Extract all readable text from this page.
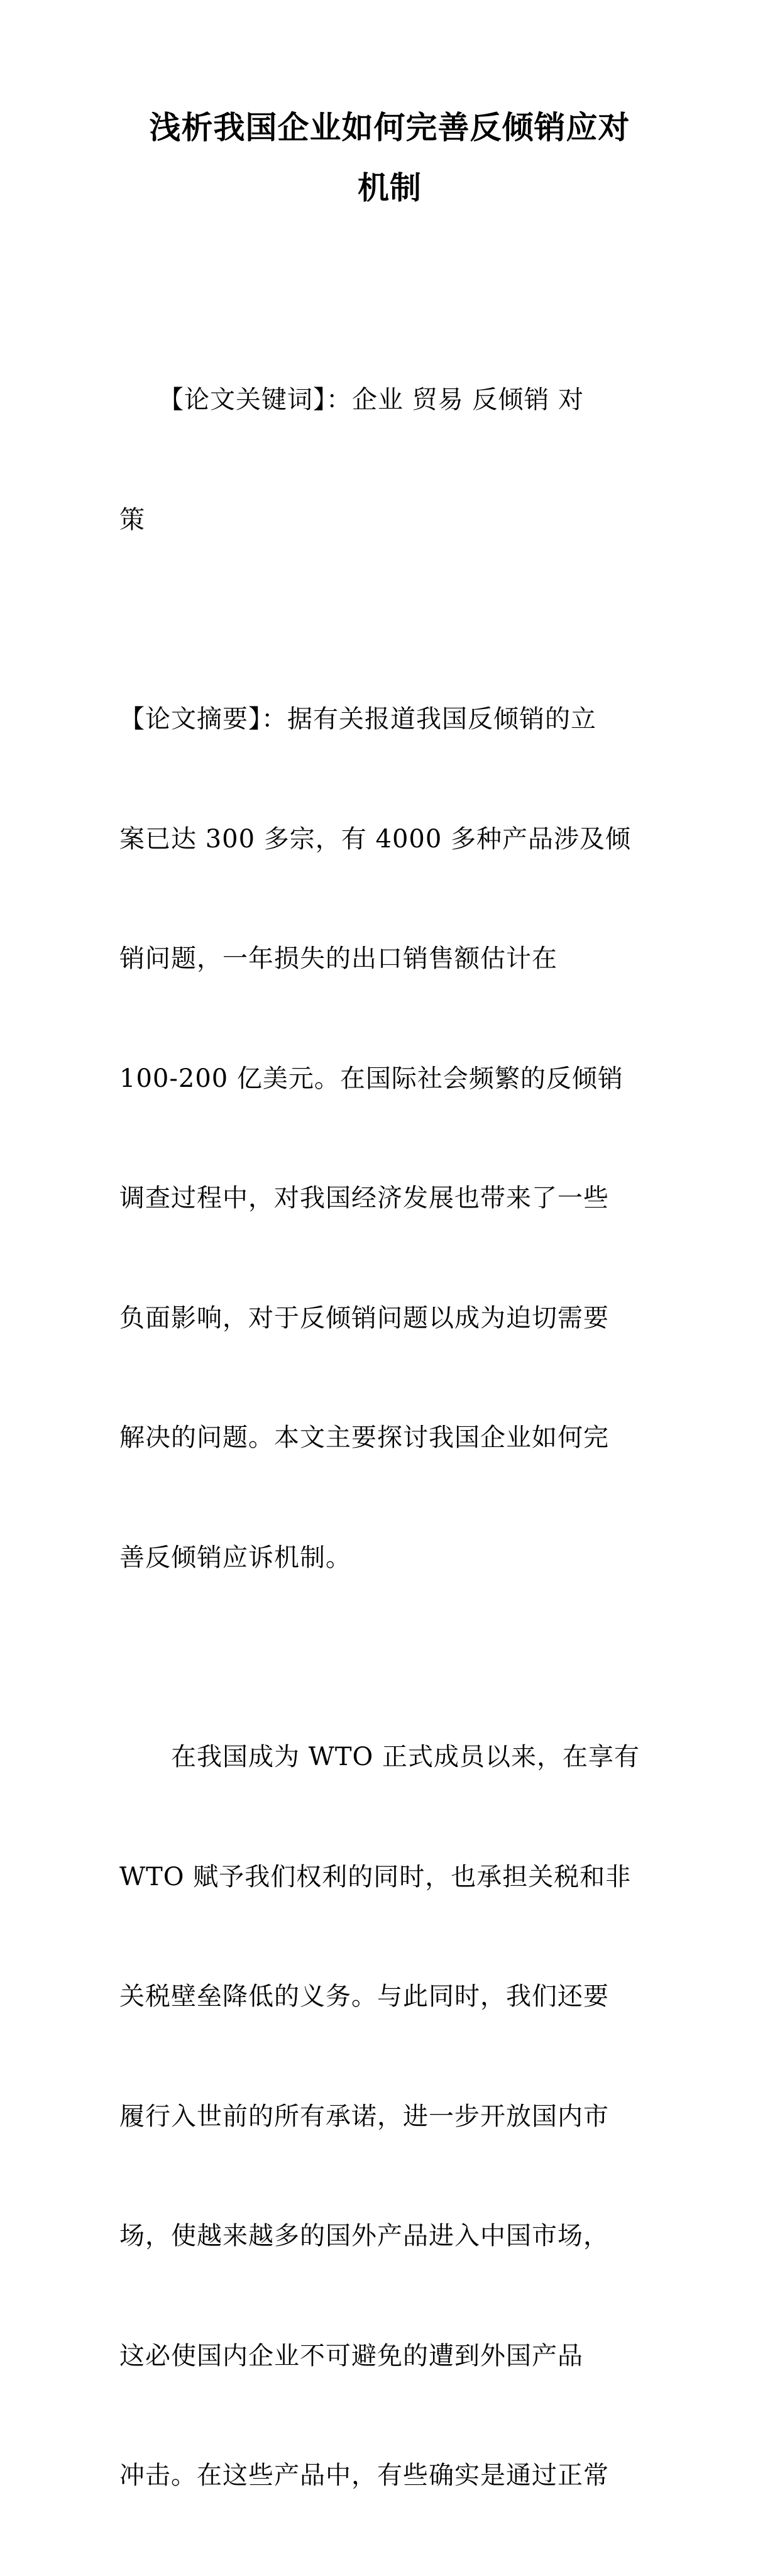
浅析我国企业如何完善反倾销应对
机制

　　【论文关键词】：企业 贸易 反倾销 对

策

【论文摘要】：据有关报道我国反倾销的立

案已达 300 多宗，有 4000 多种产品涉及倾

销问题，一年损失的出口销售额估计在

100-200 亿美元。在国际社会频繁的反倾销

调查过程中，对我国经济发展也带来了一些

负面影响，对于反倾销问题以成为迫切需要

解决的问题。本文主要探讨我国企业如何完

善反倾销应诉机制。

　　在我国成为 WTO 正式成员以来，在享有

WTO 赋予我们权利的同时，也承担关税和非

关税壁垒降低的义务。与此同时，我们还要

履行入世前的所有承诺，进一步开放国内市

场，使越来越多的国外产品进入中国市场，

这必使国内企业不可避免的遭到外国产品

冲击。在这些产品中，有些确实是通过正常
